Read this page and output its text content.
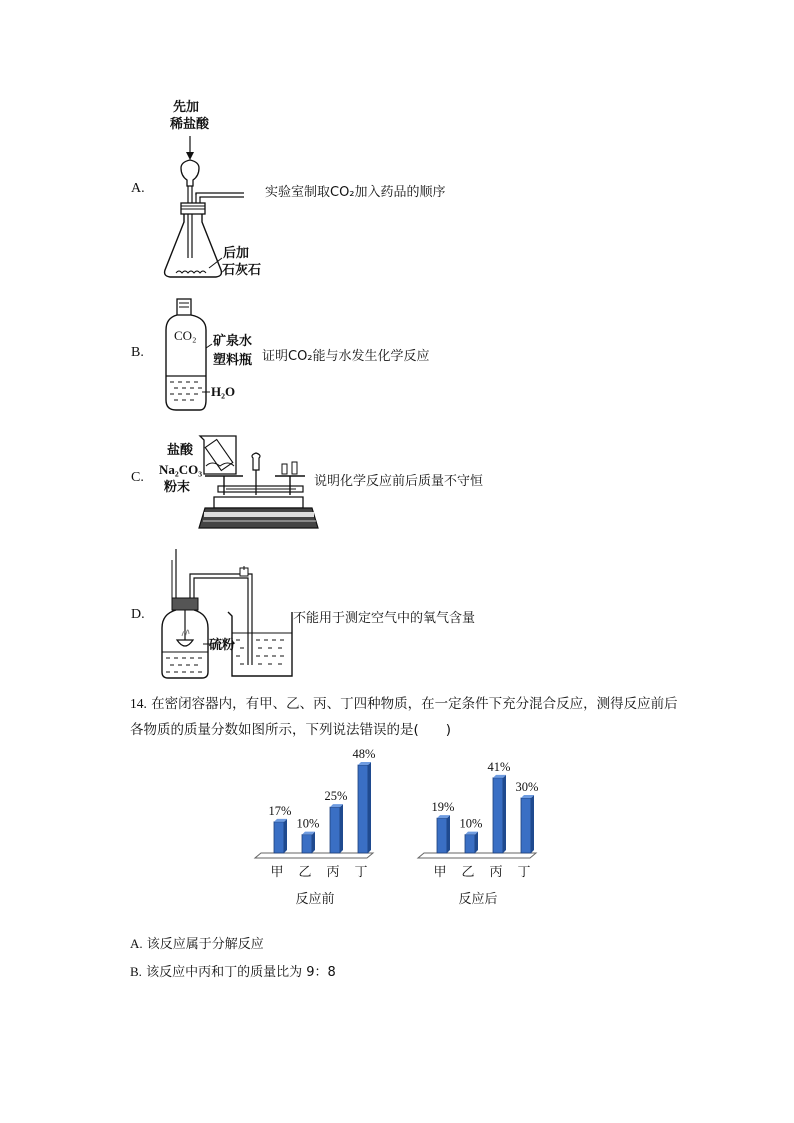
A.	实验室制取CO₂加入药品的顺序
先加
稀盐酸
后加
石灰石
B.	证明CO₂能与水发生化学反应
CO₂ 矿泉水
塑料瓶
H₂O
C.	说明化学反应前后质量不守恒
盐酸
Na₂CO₃
粉末
D.	不能用于测定空气中的氧气含量
硫粉
14. 在密闭容器内，有甲、乙、丙、丁四种物质，在一定条件下充分混合反应，测得反应前后
各物质的质量分数如图所示，下列说法错误的是(　　)
17%
甲
10%
乙
25%
丙
48%
丁
反应前
19%
甲
10%
乙
41%
丙
30%
丁
反应后
A. 该反应属于分解反应
B. 该反应中丙和丁的质量比为 9：8
